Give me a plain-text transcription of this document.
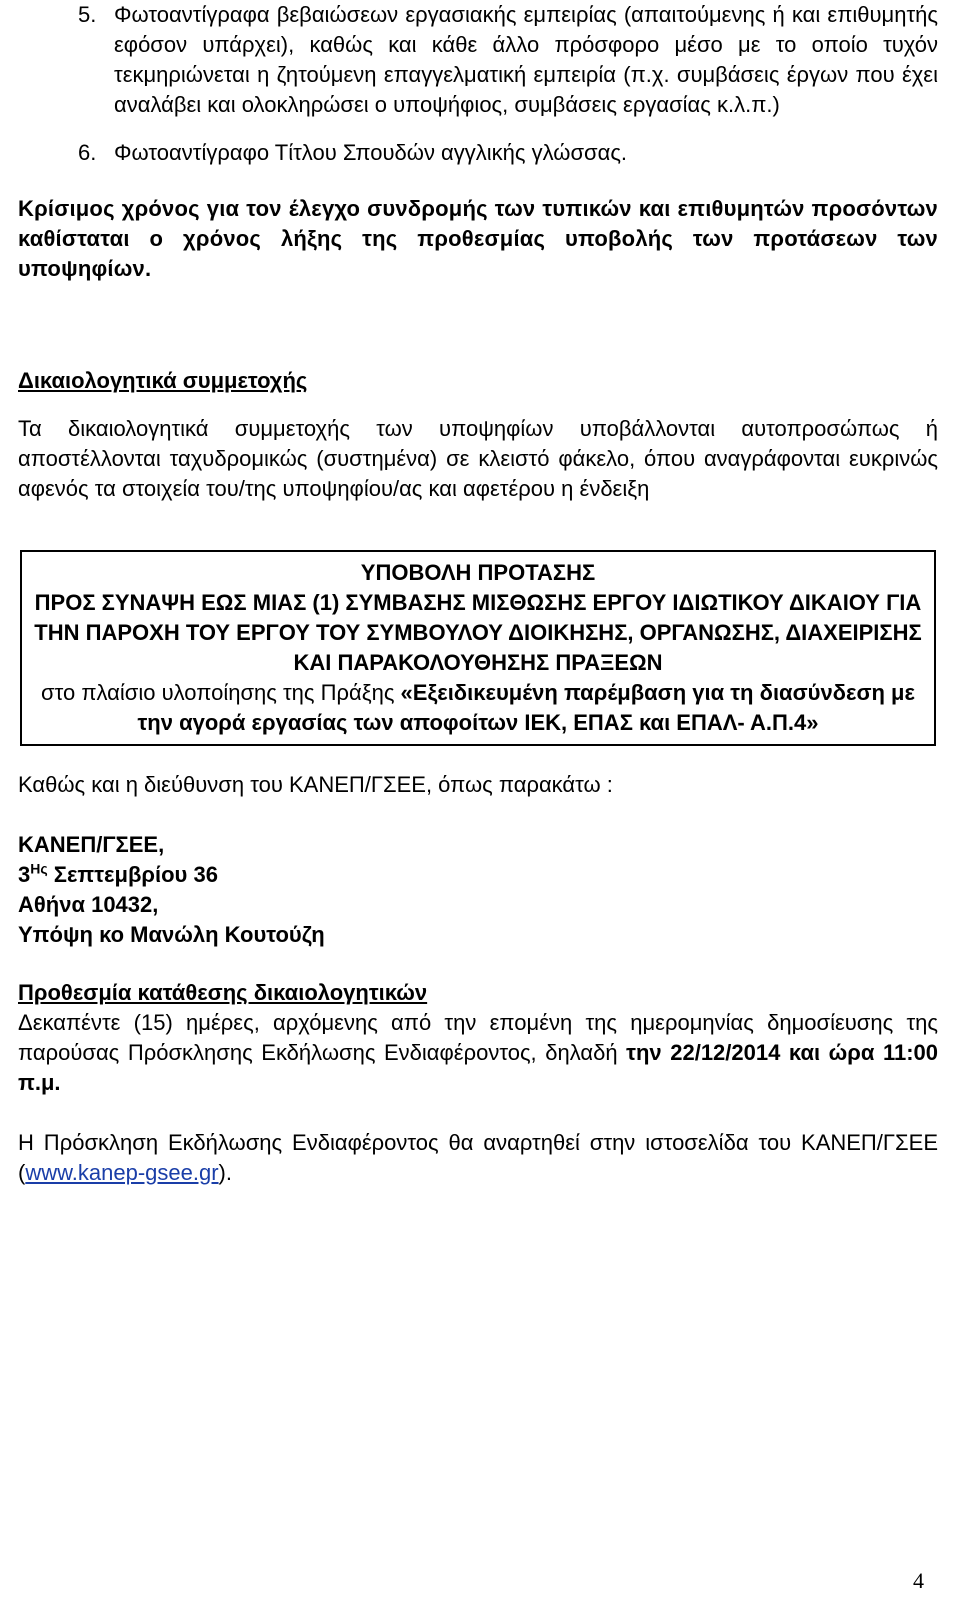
5. Φωτοαντίγραφα βεβαιώσεων εργασιακής εμπειρίας (απαιτούμενης ή και επιθυμητής εφόσον υπάρχει), καθώς και κάθε άλλο πρόσφορο μέσο με το οποίο τυχόν τεκμηριώνεται η ζητούμενη επαγγελματική εμπειρία (π.χ. συμβάσεις έργων που έχει αναλάβει και ολοκληρώσει ο υποψήφιος, συμβάσεις εργασίας κ.λ.π.)
6. Φωτοαντίγραφο Τίτλου Σπουδών αγγλικής γλώσσας.
Κρίσιμος χρόνος για τον έλεγχο συνδρομής των τυπικών και επιθυμητών προσόντων καθίσταται ο χρόνος λήξης της προθεσμίας υποβολής των προτάσεων των υποψηφίων.
Δικαιολογητικά συμμετοχής
Τα δικαιολογητικά συμμετοχής των υποψηφίων υποβάλλονται αυτοπροσώπως ή αποστέλλονται ταχυδρομικώς (συστημένα) σε κλειστό φάκελο, όπου αναγράφονται ευκρινώς αφενός τα στοιχεία του/της υποψηφίου/ας και αφετέρου η ένδειξη
ΥΠΟΒΟΛΗ ΠΡΟΤΑΣΗΣ
ΠΡΟΣ ΣΥΝΑΨΗ ΕΩΣ ΜΙΑΣ (1) ΣΥΜΒΑΣΗΣ ΜΙΣΘΩΣΗΣ ΕΡΓΟΥ ΙΔΙΩΤΙΚΟΥ ΔΙΚΑΙΟΥ ΓΙΑ ΤΗΝ ΠΑΡΟΧΗ ΤΟΥ ΕΡΓΟΥ ΤΟΥ ΣΥΜΒΟΥΛΟΥ ΔΙΟΙΚΗΣΗΣ, ΟΡΓΑΝΩΣΗΣ, ΔΙΑΧΕΙΡΙΣΗΣ ΚΑΙ ΠΑΡΑΚΟΛΟΥΘΗΣΗΣ ΠΡΑΞΕΩΝ
στο πλαίσιο υλοποίησης της Πράξης «Εξειδικευμένη παρέμβαση για τη διασύνδεση με την αγορά εργασίας των αποφοίτων ΙΕΚ, ΕΠΑΣ και ΕΠΑΛ- Α.Π.4»
Καθώς και η διεύθυνση του ΚΑΝΕΠ/ΓΣΕΕ, όπως παρακάτω :
ΚΑΝΕΠ/ΓΣΕΕ,
$3^{H\varsigma}$ Σεπτεμβρίου 36
Αθήνα 10432,
Υπόψη κο Μανώλη Κουτούζη
Προθεσμία κατάθεσης δικαιολογητικών
Δεκαπέντε (15) ημέρες, αρχόμενης από την επομένη της ημερομηνίας δημοσίευσης της παρούσας Πρόσκλησης Εκδήλωσης Ενδιαφέροντος, δηλαδή την 22/12/2014 και ώρα 11:00 π.μ.
Η Πρόσκληση Εκδήλωσης Ενδιαφέροντος θα αναρτηθεί στην ιστοσελίδα του ΚΑΝΕΠ/ΓΣΕΕ (www.kanep-gsee.gr).
4
